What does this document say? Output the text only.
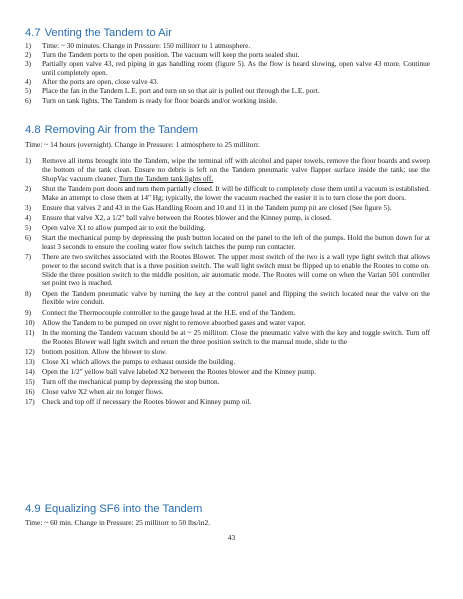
4.7 Venting the Tandem to Air
1)	Time: ~ 30 minutes. Change in Pressure: 150 millitorr to 1 atmosphere.
2)	Turn the Tandem ports to the open position. The vacuum will keep the ports sealed shut.
3)	Partially open valve 43, red piping in gas handling room (figure 5). As the flow is heard slowing, open valve 43 more. Continue until completely open.
4)	After the ports are open, close valve 43.
5)	Place the fan in the Tandem L.E. port and turn on so that air is pulled out through the L.E. port.
6)	Turn on tank lights. The Tandem is ready for floor boards and/or working inside.
4.8 Removing Air from the Tandem
Time: ~ 14 hours (overnight). Change in Pressure: 1 atmosphere to 25 millitorr.
1)	Remove all items brought into the Tandem, wipe the terminal off with alcohol and paper towels, remove the floor boards and sweep the bottom of the tank clean. Ensure no debris is left on the Tandem pneumatic valve flapper surface inside the tank; use the ShopVac vacuum cleaner. Turn the Tandem tank lights off.
2)	Shut the Tandem port doors and turn them partially closed. It will be difficult to completely close them until a vacuum is established. Make an attempt to close them at 14" Hg; typically, the lower the vacuum reached the easier it is to turn close the port doors.
3)	Ensure that valves 2 and 43 in the Gas Handling Room and 10 and 11 in the Tandem pump pit are closed (See figure 5).
4)	Ensure that valve X2, a 1/2" ball valve between the Rootes blower and the Kinney pump, is closed.
5)	Open valve X1 to allow pumped air to exit the building.
6)	Start the mechanical pump by depressing the push button located on the panel to the left of the pumps. Hold the button down for at least 3 seconds to ensure the cooling water flow switch latches the pump run contacter.
7)	There are two switches associated with the Rootes Blower. The upper most switch of the two is a wall type light switch that allows power to the second switch that is a three position switch. The wall light switch must be flipped up to enable the Rootes to come on. Slide the three position switch to the middle position, air automatic mode. The Rootes will come on when the Varian 501 controller set point two is reached.
8)	Open the Tandem pneumatic valve by turning the key at the control panel and flipping the switch located near the valve on the flexible wire conduit.
9)	Connect the Thermocouple controller to the gauge head at the H.E. end of the Tandem.
10) Allow the Tandem to be pumped on over night to remove absorbed gases and water vapor.
11)	In the morning the Tandem vacuum should be at ~ 25 millitorr. Close the pneumatic valve with the key and toggle switch. Turn off the Rootes Blower wall light switch and return the three position switch to the manual mode, slide to the
12) bottom position. Allow the blower to slow.
13) Close X1 which allows the pumps to exhaust outside the building.
14) Open the 1/2" yellow ball valve labeled X2 between the Rootes blower and the Kinney pump.
15) Turn off the mechanical pump by depressing the stop button.
16) Close valve X2 when air no longer flows.
17) Check and top off if necessary the Rootes blower and Kinney pump oil.
4.9 Equalizing SF6 into the Tandem
Time: ~ 60 min. Change in Pressure: 25 millitorr to 50 lbs/in2.
43
